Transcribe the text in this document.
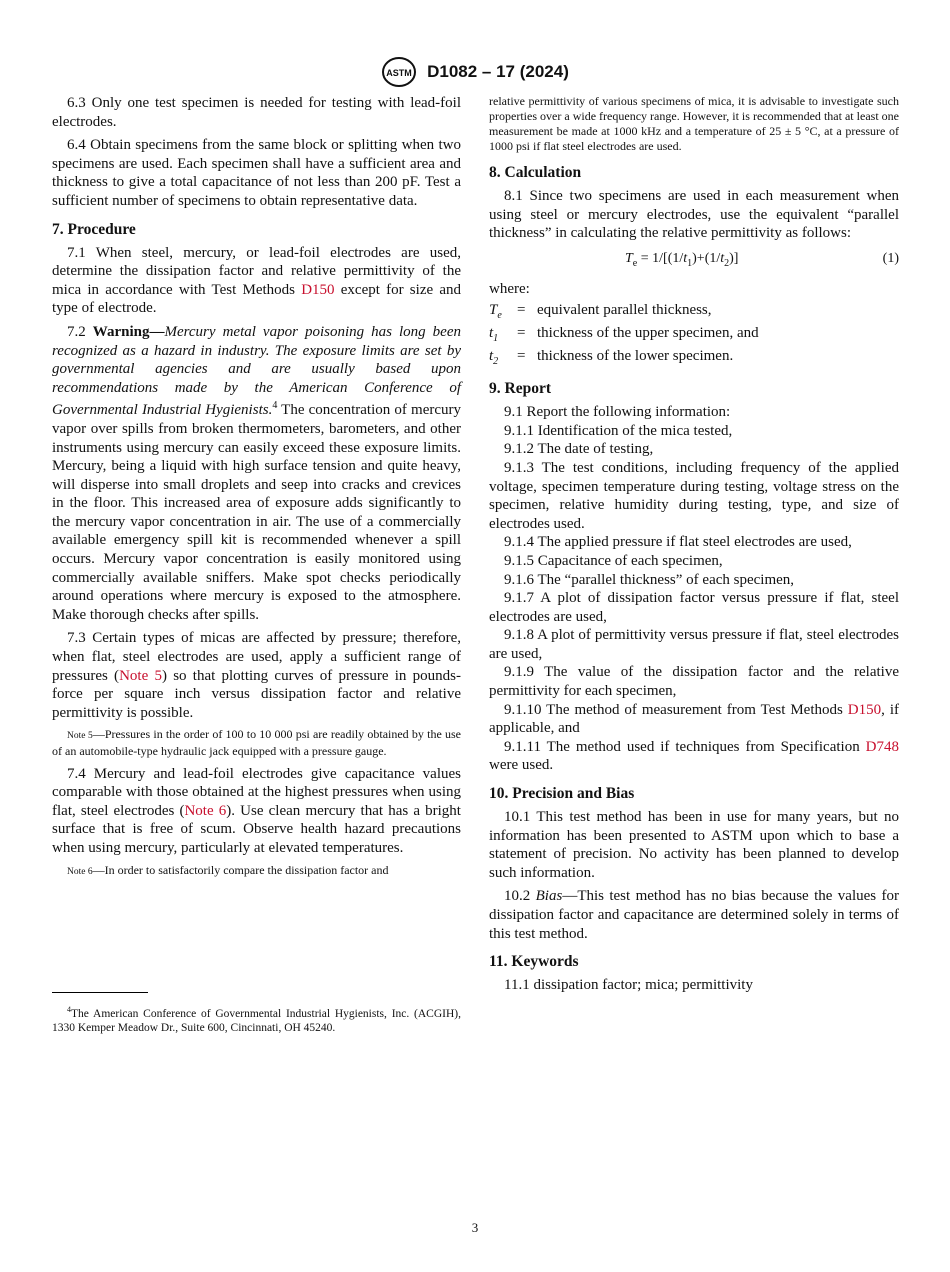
ASTM D1082 – 17 (2024)

6.3 Only one test specimen is needed for testing with lead-foil electrodes.

6.4 Obtain specimens from the same block or splitting when two specimens are used. Each specimen shall have a sufficient area and thickness to give a total capacitance of not less than 200 pF. Test a sufficient number of specimens to obtain representative data.

7. Procedure

7.1 When steel, mercury, or lead-foil electrodes are used, determine the dissipation factor and relative permittivity of the mica in accordance with Test Methods D150 except for size and type of electrode.

7.2 Warning—Mercury metal vapor poisoning has long been recognized as a hazard in industry. The exposure limits are set by governmental agencies and are usually based upon recommendations made by the American Conference of Governmental Industrial Hygienists.$^4$ The concentration of mercury vapor over spills from broken thermometers, barometers, and other instruments using mercury can easily exceed these exposure limits. Mercury, being a liquid with high surface tension and quite heavy, will disperse into small droplets and seep into cracks and crevices in the floor. This increased area of exposure adds significantly to the mercury vapor concentration in air. The use of a commercially available emergency spill kit is recommended whenever a spill occurs. Mercury vapor concentration is easily monitored using commercially available sniffers. Make spot checks periodically around operations where mercury is exposed to the atmosphere. Make thorough checks after spills.

7.3 Certain types of micas are affected by pressure; therefore, when flat, steel electrodes are used, apply a sufficient range of pressures (Note 5) so that plotting curves of pressure in pounds-force per square inch versus dissipation factor and relative permittivity is possible.

Note 5—Pressures in the order of 100 to 10 000 psi are readily obtained by the use of an automobile-type hydraulic jack equipped with a pressure gauge.

7.4 Mercury and lead-foil electrodes give capacitance values comparable with those obtained at the highest pressures when using flat, steel electrodes (Note 6). Use clean mercury that has a bright surface that is free of scum. Observe health hazard precautions when using mercury, particularly at elevated temperatures.

Note 6—In order to satisfactorily compare the dissipation factor and

$^4$The American Conference of Governmental Industrial Hygienists, Inc. (ACGIH), 1330 Kemper Meadow Dr., Suite 600, Cincinnati, OH 45240.

relative permittivity of various specimens of mica, it is advisable to investigate such properties over a wide frequency range. However, it is recommended that at least one measurement be made at 1000 kHz and a temperature of 25 ± 5 °C, at a pressure of 1000 psi if flat steel electrodes are used.

8. Calculation

8.1 Since two specimens are used in each measurement when using steel or mercury electrodes, use the equivalent “parallel thickness” in calculating the relative permittivity as follows:

$T_e = 1/[(1/t_1)+(1/t_2)]$	(1)

where:

$T_e$	= equivalent parallel thickness,
$t_1$	= thickness of the upper specimen, and
$t_2$	= thickness of the lower specimen.
9. Report

9.1 Report the following information:

9.1.1 Identification of the mica tested,

9.1.2 The date of testing,

9.1.3 The test conditions, including frequency of the applied voltage, specimen temperature during testing, voltage stress on the specimen, relative humidity during testing, type, and size of electrodes used.

9.1.4 The applied pressure if flat steel electrodes are used,

9.1.5 Capacitance of each specimen,

9.1.6 The “parallel thickness” of each specimen,

9.1.7 A plot of dissipation factor versus pressure if flat, steel electrodes are used,

9.1.8 A plot of permittivity versus pressure if flat, steel electrodes are used,

9.1.9 The value of the dissipation factor and the relative permittivity for each specimen,

9.1.10 The method of measurement from Test Methods D150, if applicable, and

9.1.11 The method used if techniques from Specification D748 were used.

10. Precision and Bias

10.1 This test method has been in use for many years, but no information has been presented to ASTM upon which to base a statement of precision. No activity has been planned to develop such information.

10.2 Bias—This test method has no bias because the values for dissipation factor and capacitance are determined solely in terms of this test method.

11. Keywords

11.1 dissipation factor; mica; permittivity

3
